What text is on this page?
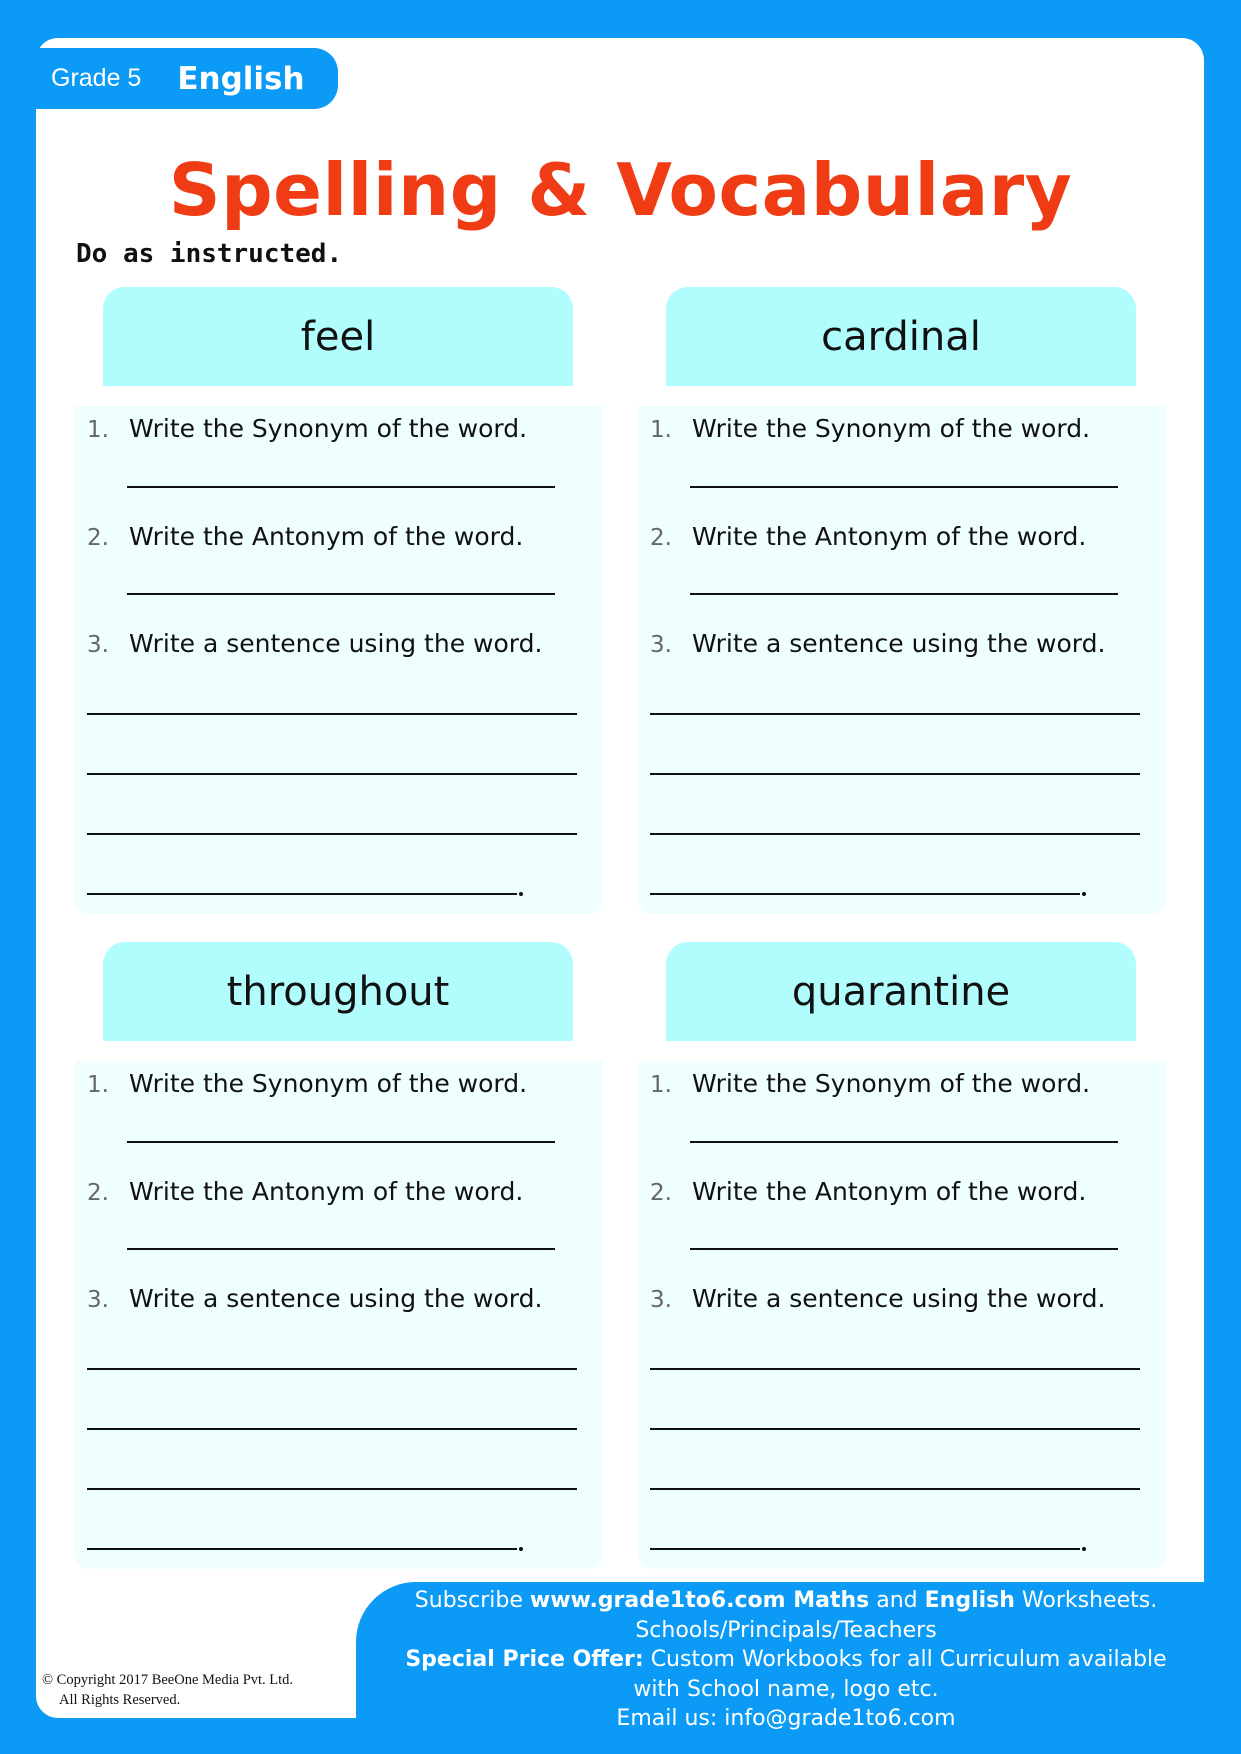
Grade 5 English
Spelling & Vocabulary
Do as instructed.
feel
1. Write the Synonym of the word.
2. Write the Antonym of the word.
3. Write a sentence using the word.
cardinal
1. Write the Synonym of the word.
2. Write the Antonym of the word.
3. Write a sentence using the word.
throughout
1. Write the Synonym of the word.
2. Write the Antonym of the word.
3. Write a sentence using the word.
quarantine
1. Write the Synonym of the word.
2. Write the Antonym of the word.
3. Write a sentence using the word.
Subscribe www.grade1to6.com Maths and English Worksheets.
Schools/Principals/Teachers
Special Price Offer: Custom Workbooks for all Curriculum available
with School name, logo etc.
Email us: info@grade1to6.com
© Copyright 2017 BeeOne Media Pvt. Ltd.
All Rights Reserved.
